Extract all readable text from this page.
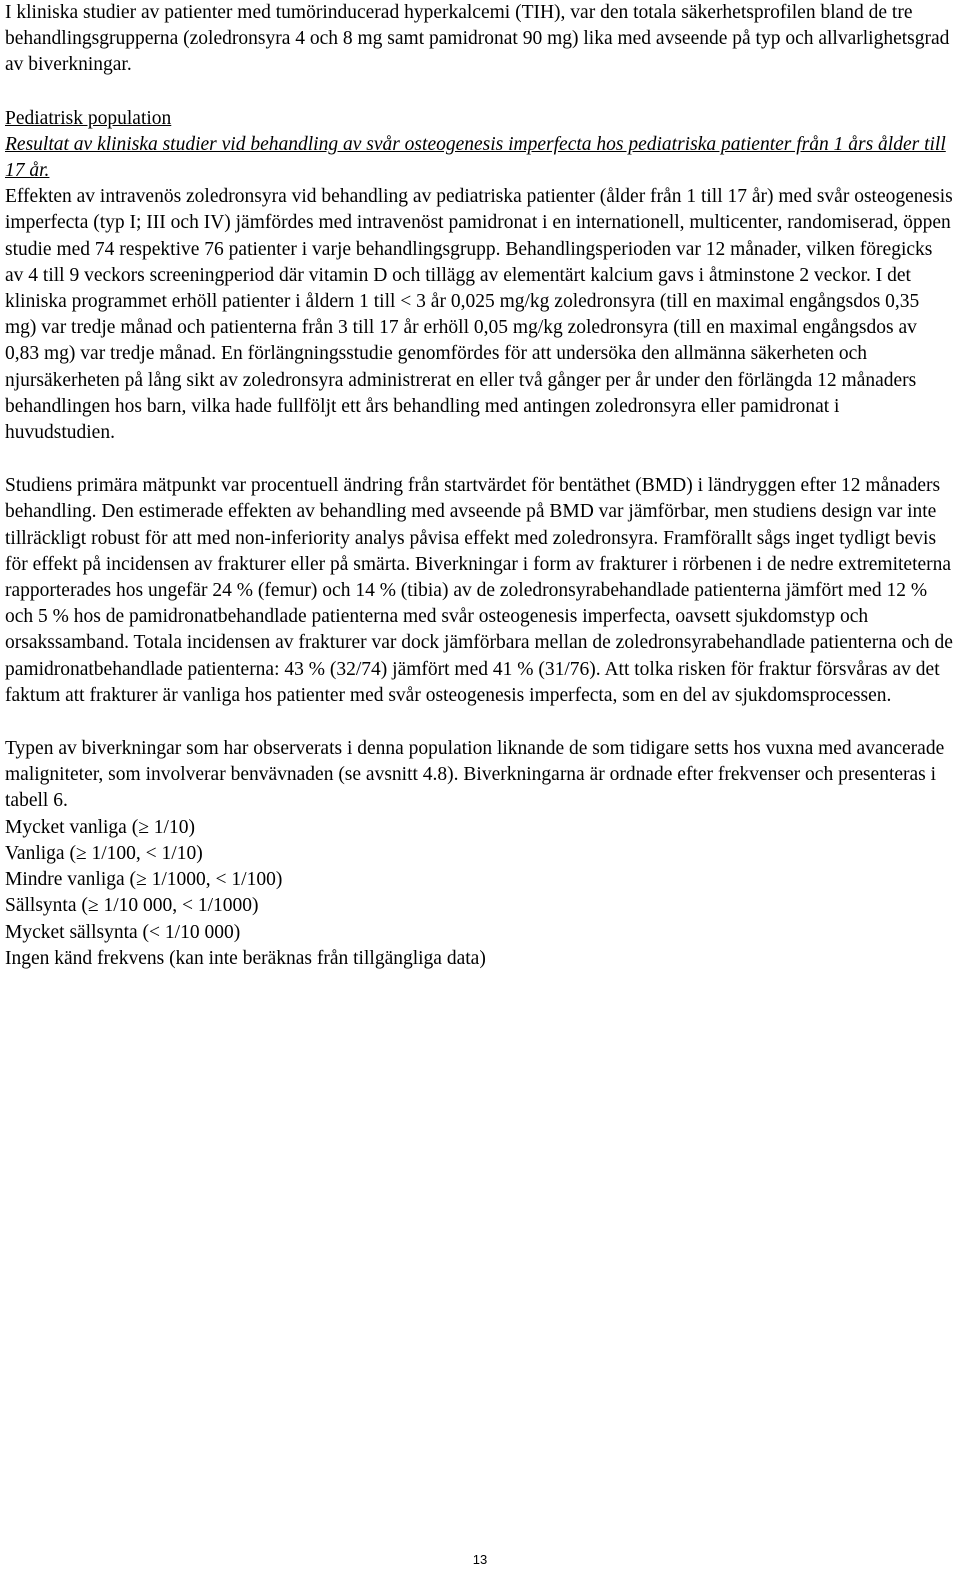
I kliniska studier av patienter med tumörinducerad hyperkalcemi (TIH), var den totala säkerhetsprofilen bland de tre behandlingsgrupperna (zoledronsyra 4 och 8 mg samt pamidronat 90 mg) lika med avseende på typ och allvarlighetsgrad av biverkningar.

Pediatrisk population

Resultat av kliniska studier vid behandling av svår osteogenesis imperfecta hos pediatriska patienter från 1 års ålder till 17 år.

Effekten av intravenös zoledronsyra vid behandling av pediatriska patienter (ålder från 1 till 17 år) med svår osteogenesis imperfecta (typ I; III och IV) jämfördes med intravenöst pamidronat i en internationell, multicenter, randomiserad, öppen studie med 74 respektive 76 patienter i varje behandlingsgrupp. Behandlingsperioden var 12 månader, vilken föregicks av 4 till 9 veckors screeningperiod där vitamin D och tillägg av elementärt kalcium gavs i åtminstone 2 veckor. I det kliniska programmet erhöll patienter i åldern 1 till < 3 år 0,025 mg/kg zoledronsyra (till en maximal engångsdos 0,35 mg) var tredje månad och patienterna från 3 till 17 år erhöll 0,05 mg/kg zoledronsyra (till en maximal engångsdos av 0,83 mg) var tredje månad. En förlängningsstudie genomfördes för att undersöka den allmänna säkerheten och njursäkerheten på lång sikt av zoledronsyra administrerat en eller två gånger per år under den förlängda 12 månaders behandlingen hos barn, vilka hade fullföljt ett års behandling med antingen zoledronsyra eller pamidronat i huvudstudien.

Studiens primära mätpunkt var procentuell ändring från startvärdet för bentäthet (BMD) i ländryggen efter 12 månaders behandling. Den estimerade effekten av behandling med avseende på BMD var jämförbar, men studiens design var inte tillräckligt robust för att med non-inferiority analys påvisa effekt med zoledronsyra. Framförallt sågs inget tydligt bevis för effekt på incidensen av frakturer eller på smärta. Biverkningar i form av frakturer i rörbenen i de nedre extremiteterna rapporterades hos ungefär 24 % (femur) och 14 % (tibia) av de zoledronsyrabehandlade patienterna jämfört med 12 % och 5 % hos de pamidronatbehandlade patienterna med svår osteogenesis imperfecta, oavsett sjukdomstyp och orsakssamband. Totala incidensen av frakturer var dock jämförbara mellan de zoledronsyrabehandlade patienterna och de pamidronatbehandlade patienterna: 43 % (32/74) jämfört med 41 % (31/76). Att tolka risken för fraktur försvåras av det faktum att frakturer är vanliga hos patienter med svår osteogenesis imperfecta, som en del av sjukdomsprocessen.

Typen av biverkningar som har observerats i denna population liknande de som tidigare setts hos vuxna med avancerade maligniteter, som involverar benvävnaden (se avsnitt 4.8). Biverkningarna är ordnade efter frekvenser och presenteras i tabell 6.

Mycket vanliga (≥ 1/10)
Vanliga (≥ 1/100, < 1/10)
Mindre vanliga (≥ 1/1000, < 1/100)
Sällsynta (≥ 1/10 000, < 1/1000)
Mycket sällsynta (< 1/10 000)
Ingen känd frekvens (kan inte beräknas från tillgängliga data)
13
